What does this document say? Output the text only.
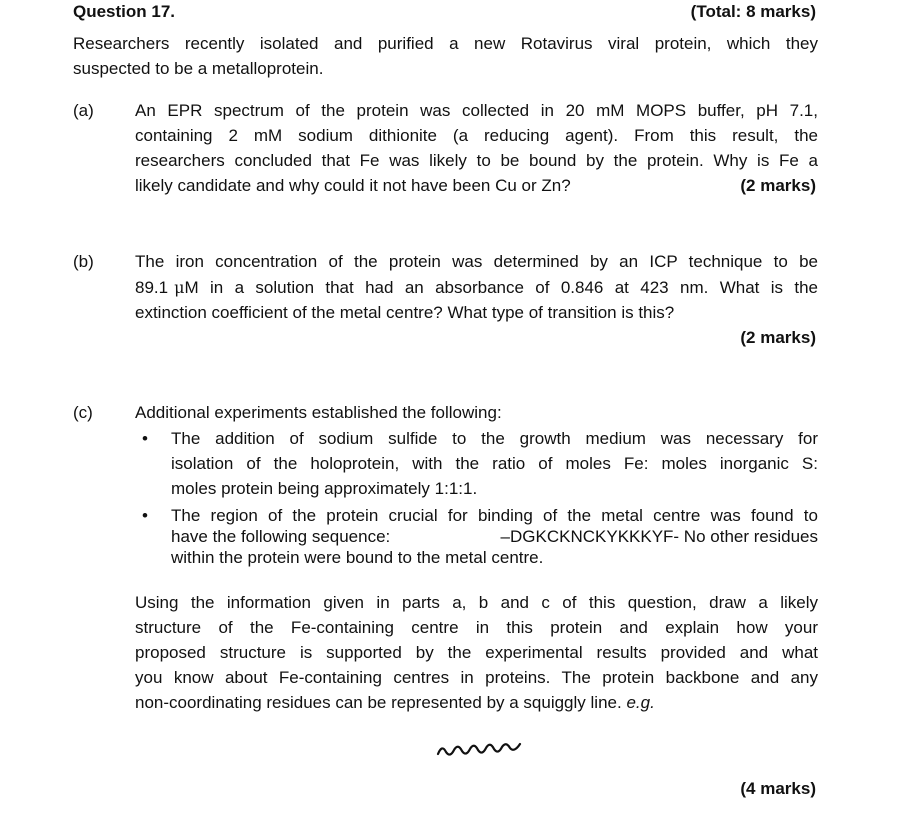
Question 17.	(Total: 8 marks)
Researchers recently isolated and purified a new Rotavirus viral protein, which they
suspected to be a metalloprotein.
(a) An EPR spectrum of the protein was collected in 20 mM MOPS buffer, pH 7.1,
containing 2 mM sodium dithionite (a reducing agent). From this result, the
researchers concluded that Fe was likely to be bound by the protein. Why is Fe a
likely candidate and why could it not have been Cu or Zn?	(2 marks)
(b) The iron concentration of the protein was determined by an ICP technique to be
89.1 μ M in a solution that had an absorbance of 0.846 at 423 nm. What is the
extinction coefficient of the metal centre? What type of transition is this?
(2 marks)
(c) Additional experiments established the following:
• The addition of sodium sulfide to the growth medium was necessary for
isolation of the holoprotein, with the ratio of moles Fe: moles inorganic S:
moles protein being approximately 1:1:1.
• The region of the protein crucial for binding of the metal centre was found to
have the following sequence:	–DGKCKNCKYKKKYF- No other residues
within the protein were bound to the metal centre.
Using the information given in parts a, b and c of this question, draw a likely
structure of the Fe-containing centre in this protein and explain how your
proposed structure is supported by the experimental results provided and what
you know about Fe-containing centres in proteins. The protein backbone and any
non-coordinating residues can be represented by a squiggly line. e.g.
(4 marks)
